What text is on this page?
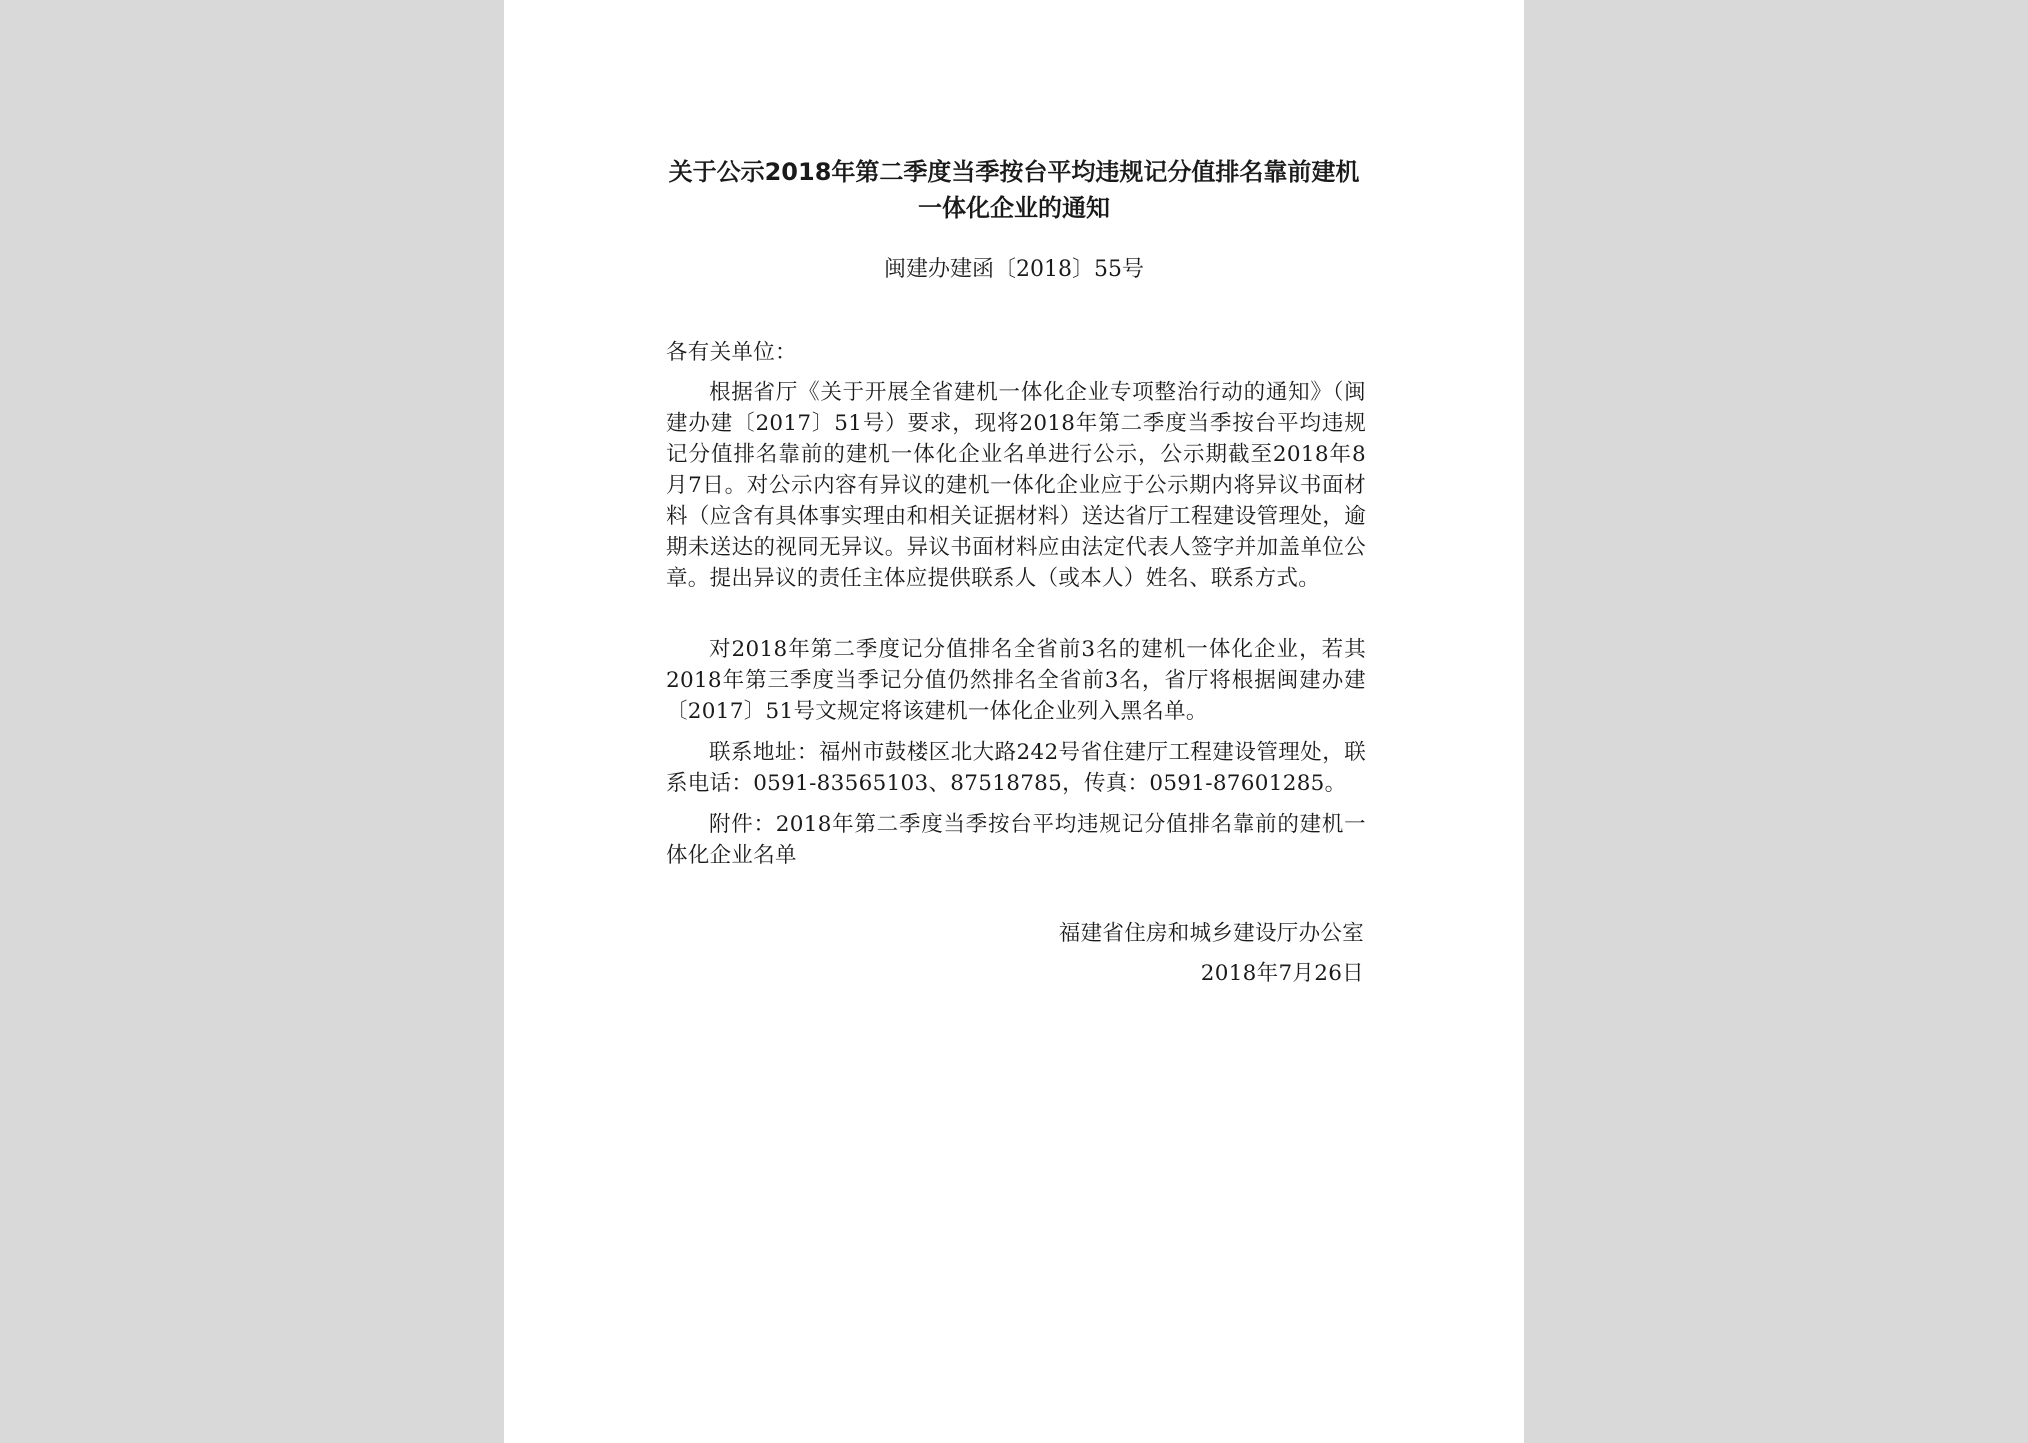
关于公示2018年第二季度当季按台平均违规记分值排名靠前建机
一体化企业的通知
闽建办建函〔2018〕55号
各有关单位：
根据省厅《关于开展全省建机一体化企业专项整治行动的通知》（闽建办建〔2017〕51号）要求，现将2018年第二季度当季按台平均违规记分值排名靠前的建机一体化企业名单进行公示，公示期截至2018年8月7日。对公示内容有异议的建机一体化企业应于公示期内将异议书面材料（应含有具体事实理由和相关证据材料）送达省厅工程建设管理处，逾期未送达的视同无异议。异议书面材料应由法定代表人签字并加盖单位公章。提出异议的责任主体应提供联系人（或本人）姓名、联系方式。
对2018年第二季度记分值排名全省前3名的建机一体化企业，若其2018年第三季度当季记分值仍然排名全省前3名，省厅将根据闽建办建〔2017〕51号文规定将该建机一体化企业列入黑名单。
联系地址：福州市鼓楼区北大路242号省住建厅工程建设管理处，联系电话：0591-83565103、87518785，传真：0591-87601285。
附件：2018年第二季度当季按台平均违规记分值排名靠前的建机一体化企业名单
福建省住房和城乡建设厅办公室
2018年7月26日
